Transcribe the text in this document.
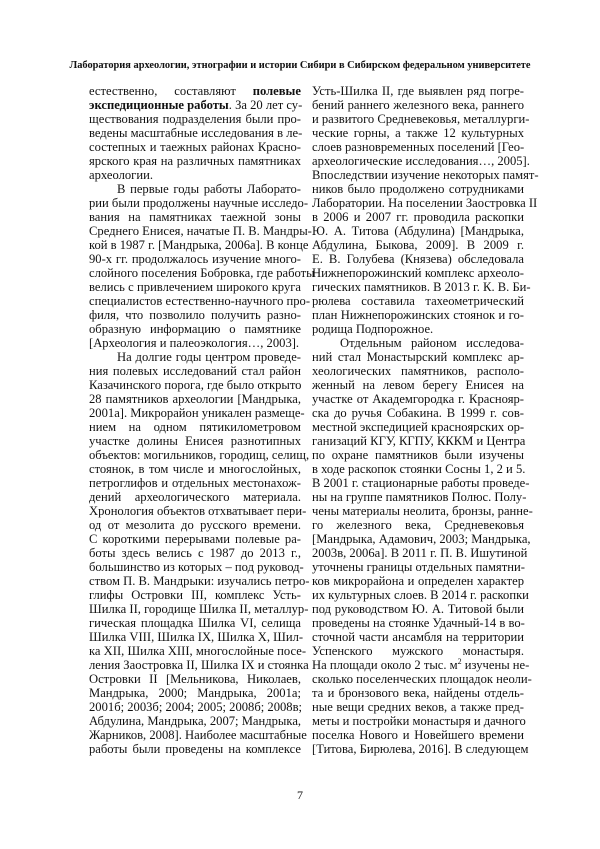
Лаборатория археологии, этнографии и истории Сибири в Сибирском федеральном университете
естественно, составляют полевые
экспедиционные работы. За 20 лет су-
ществования подразделения были про-
ведены масштабные исследования в ле-
состепных и таежных районах Красно-
ярского края на различных памятниках
археологии.
В первые годы работы Лаборато-
рии были продолжены научные исследо-
вания на памятниках таежной зоны
Среднего Енисея, начатые П. В. Мандры-
кой в 1987 г. [Мандрыка, 2006а]. В конце
90-х гг. продолжалось изучение много-
слойного поселения Бобровка, где работы
велись с привлечением широкого круга
специалистов естественно-научного про-
филя, что позволило получить разно-
образную информацию о памятнике
[Археология и палеоэкология…, 2003].
На долгие годы центром проведе-
ния полевых исследований стал район
Казачинского порога, где было открыто
28 памятников археологии [Мандрыка,
2001а]. Микрорайон уникален размеще-
нием на одном пятикилометровом
участке долины Енисея разнотипных
объектов: могильников, городищ, селищ,
стоянок, в том числе и многослойных,
петроглифов и отдельных местонахож-
дений археологического материала.
Хронология объектов отхватывает пери-
од от мезолита до русского времени.
С короткими перерывами полевые ра-
боты здесь велись с 1987 до 2013 г.,
большинство из которых – под руковод-
ством П. В. Мандрыки: изучались петро-
глифы Островки III, комплекс Усть-
Шилка II, городище Шилка II, металлур-
гическая площадка Шилка VI, селища
Шилка VIII, Шилка IX, Шилка X, Шил-
ка XII, Шилка XIII, многослойные посе-
ления Заостровка II, Шилка IX и стоянка
Островки II [Мельникова, Николаев,
Мандрыка, 2000; Мандрыка, 2001а;
2001б; 2003б; 2004; 2005; 2008б; 2008в;
Абдулина, Мандрыка, 2007; Мандрыка,
Жарников, 2008]. Наиболее масштабные
работы были проведены на комплексе
Усть-Шилка II, где выявлен ряд погре-
бений раннего железного века, раннего
и развитого Средневековья, металлурги-
ческие горны, а также 12 культурных
слоев разновременных поселений [Гео-
археологические исследования…, 2005].
Впоследствии изучение некоторых памят-
ников было продолжено сотрудниками
Лаборатории. На поселении Заостровка II
в 2006 и 2007 гг. проводила раскопки
Ю. А. Титова (Абдулина) [Мандрыка,
Абдулина, Быкова, 2009]. В 2009 г.
Е. В. Голубева (Князева) обследовала
Нижнепорожинский комплекс археоло-
гических памятников. В 2013 г. К. В. Би-
рюлева составила тахеометрический
план Нижнепорожинских стоянок и го-
родища Подпорожное.
Отдельным районом исследова-
ний стал Монастырский комплекс ар-
хеологических памятников, располо-
женный на левом берегу Енисея на
участке от Академгородка г. Краснояр-
ска до ручья Собакина. В 1999 г. сов-
местной экспедицией красноярских ор-
ганизаций КГУ, КГПУ, КККМ и Центра
по охране памятников были изучены
в ходе раскопок стоянки Сосны 1, 2 и 5.
В 2001 г. стационарные работы проведе-
ны на группе памятников Полюс. Полу-
чены материалы неолита, бронзы, ранне-
го железного века, Средневековья
[Мандрыка, Адамович, 2003; Мандрыка,
2003в, 2006а]. В 2011 г. П. В. Ишутиной
уточнены границы отдельных памятни-
ков микрорайона и определен характер
их культурных слоев. В 2014 г. раскопки
под руководством Ю. А. Титовой были
проведены на стоянке Удачный-14 в во-
сточной части ансамбля на территории
Успенского мужского монастыря.
На площади около 2 тыс. $м^2$ изучены не-
сколько поселенческих площадок неоли-
та и бронзового века, найдены отдель-
ные вещи средних веков, а также пред-
меты и постройки монастыря и дачного
поселка Нового и Новейшего времени
[Титова, Бирюлева, 2016]. В следующем
7
